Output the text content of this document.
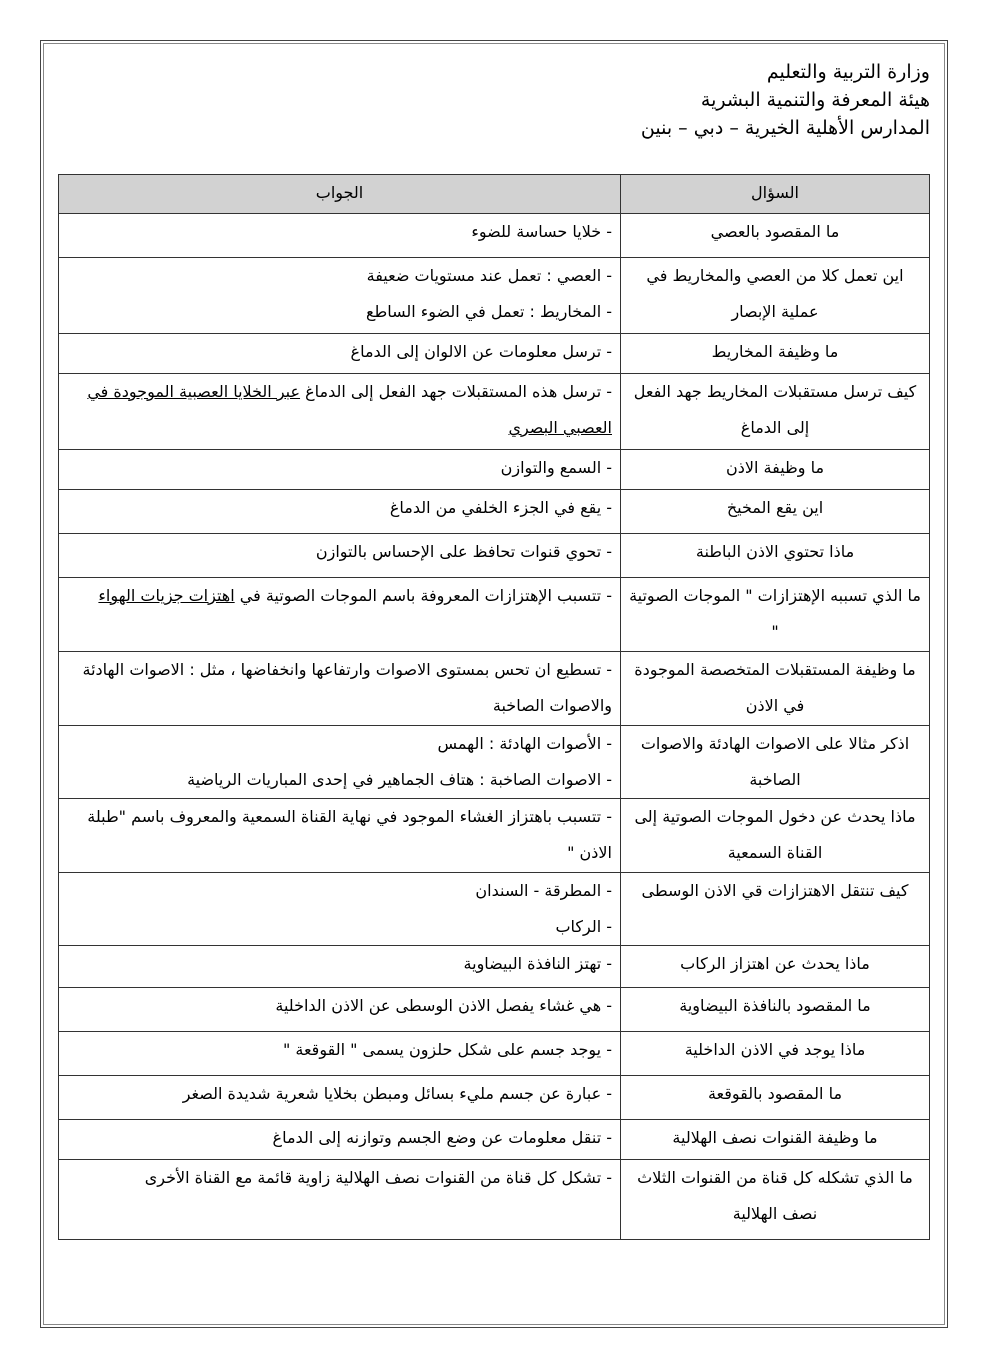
وزارة التربية والتعليم
هيئة المعرفة والتنمية البشرية
المدارس الأهلية الخيرية – دبي – بنين
السؤال	الجواب
ما المقصود بالعصي	- خلايا حساسة للضوء

اين تعمل كلا من العصي والمخاريط في عملية الإبصار	- العصي : تعمل عند مستويات ضعيفة
- المخاريط : تعمل في الضوء الساطع

ما وظيفة المخاريط	- ترسل معلومات عن الالوان إلى الدماغ

كيف ترسل مستقبلات المخاريط جهد الفعل إلى الدماغ	- ترسل هذه المستقبلات جهد الفعل إلى الدماغ عبر الخلايا العصبية الموجودة في العصبي البصري
ما وظيفة الاذن	- السمع والتوازن

اين يقع المخيخ	- يقع في الجزء الخلفي من الدماغ

ماذا تحتوي الاذن الباطنة	- تحوي قنوات تحافظ على الإحساس بالتوازن

ما الذي تسببه الإهتزازات " الموجات الصوتية "	- تتسبب الإهتزازات المعروفة باسم الموجات الصوتية في اهتزات جزيات الهواء
ما وظيفة المستقبلات المتخصصة الموجودة في الاذن	- تسطيع ان تحس بمستوى الاصوات وارتفاعها وانخفاضها ، مثل : الاصوات الهادئة والاصوات الصاخبة

اذكر مثالا على الاصوات الهادئة والاصوات الصاخبة	- الأصوات الهادئة : الهمس
- الاصوات الصاخبة : هتاف الجماهير في إحدى المباريات الرياضية

ماذا يحدث عن دخول الموجات الصوتية إلى القناة السمعية	- تتسبب باهتزاز الغشاء الموجود في نهاية القناة السمعية والمعروف باسم "طبلة الاذن "

كيف تنتقل الاهتزازات قي الاذن الوسطى	- المطرقة - السندان
- الركاب

ماذا يحدث عن اهتزاز الركاب	- تهتز النافذة البيضاوية

ما المقصود بالنافذة البيضاوية	- هي غشاء يفصل الاذن الوسطى عن الاذن الداخلية

ماذا يوجد في الاذن الداخلية	- يوجد جسم على شكل حلزون يسمى " القوقعة "

ما المقصود بالقوقعة	- عبارة عن جسم مليء بسائل ومبطن بخلايا شعرية شديدة الصغر

ما وظيفة القنوات نصف الهلالية	- تنقل معلومات عن وضع الجسم وتوازنه إلى الدماغ

ما الذي تشكله كل قناة من القنوات الثلاث نصف الهلالية	- تشكل كل قناة من القنوات نصف الهلالية زاوية قائمة مع القناة الأخرى
